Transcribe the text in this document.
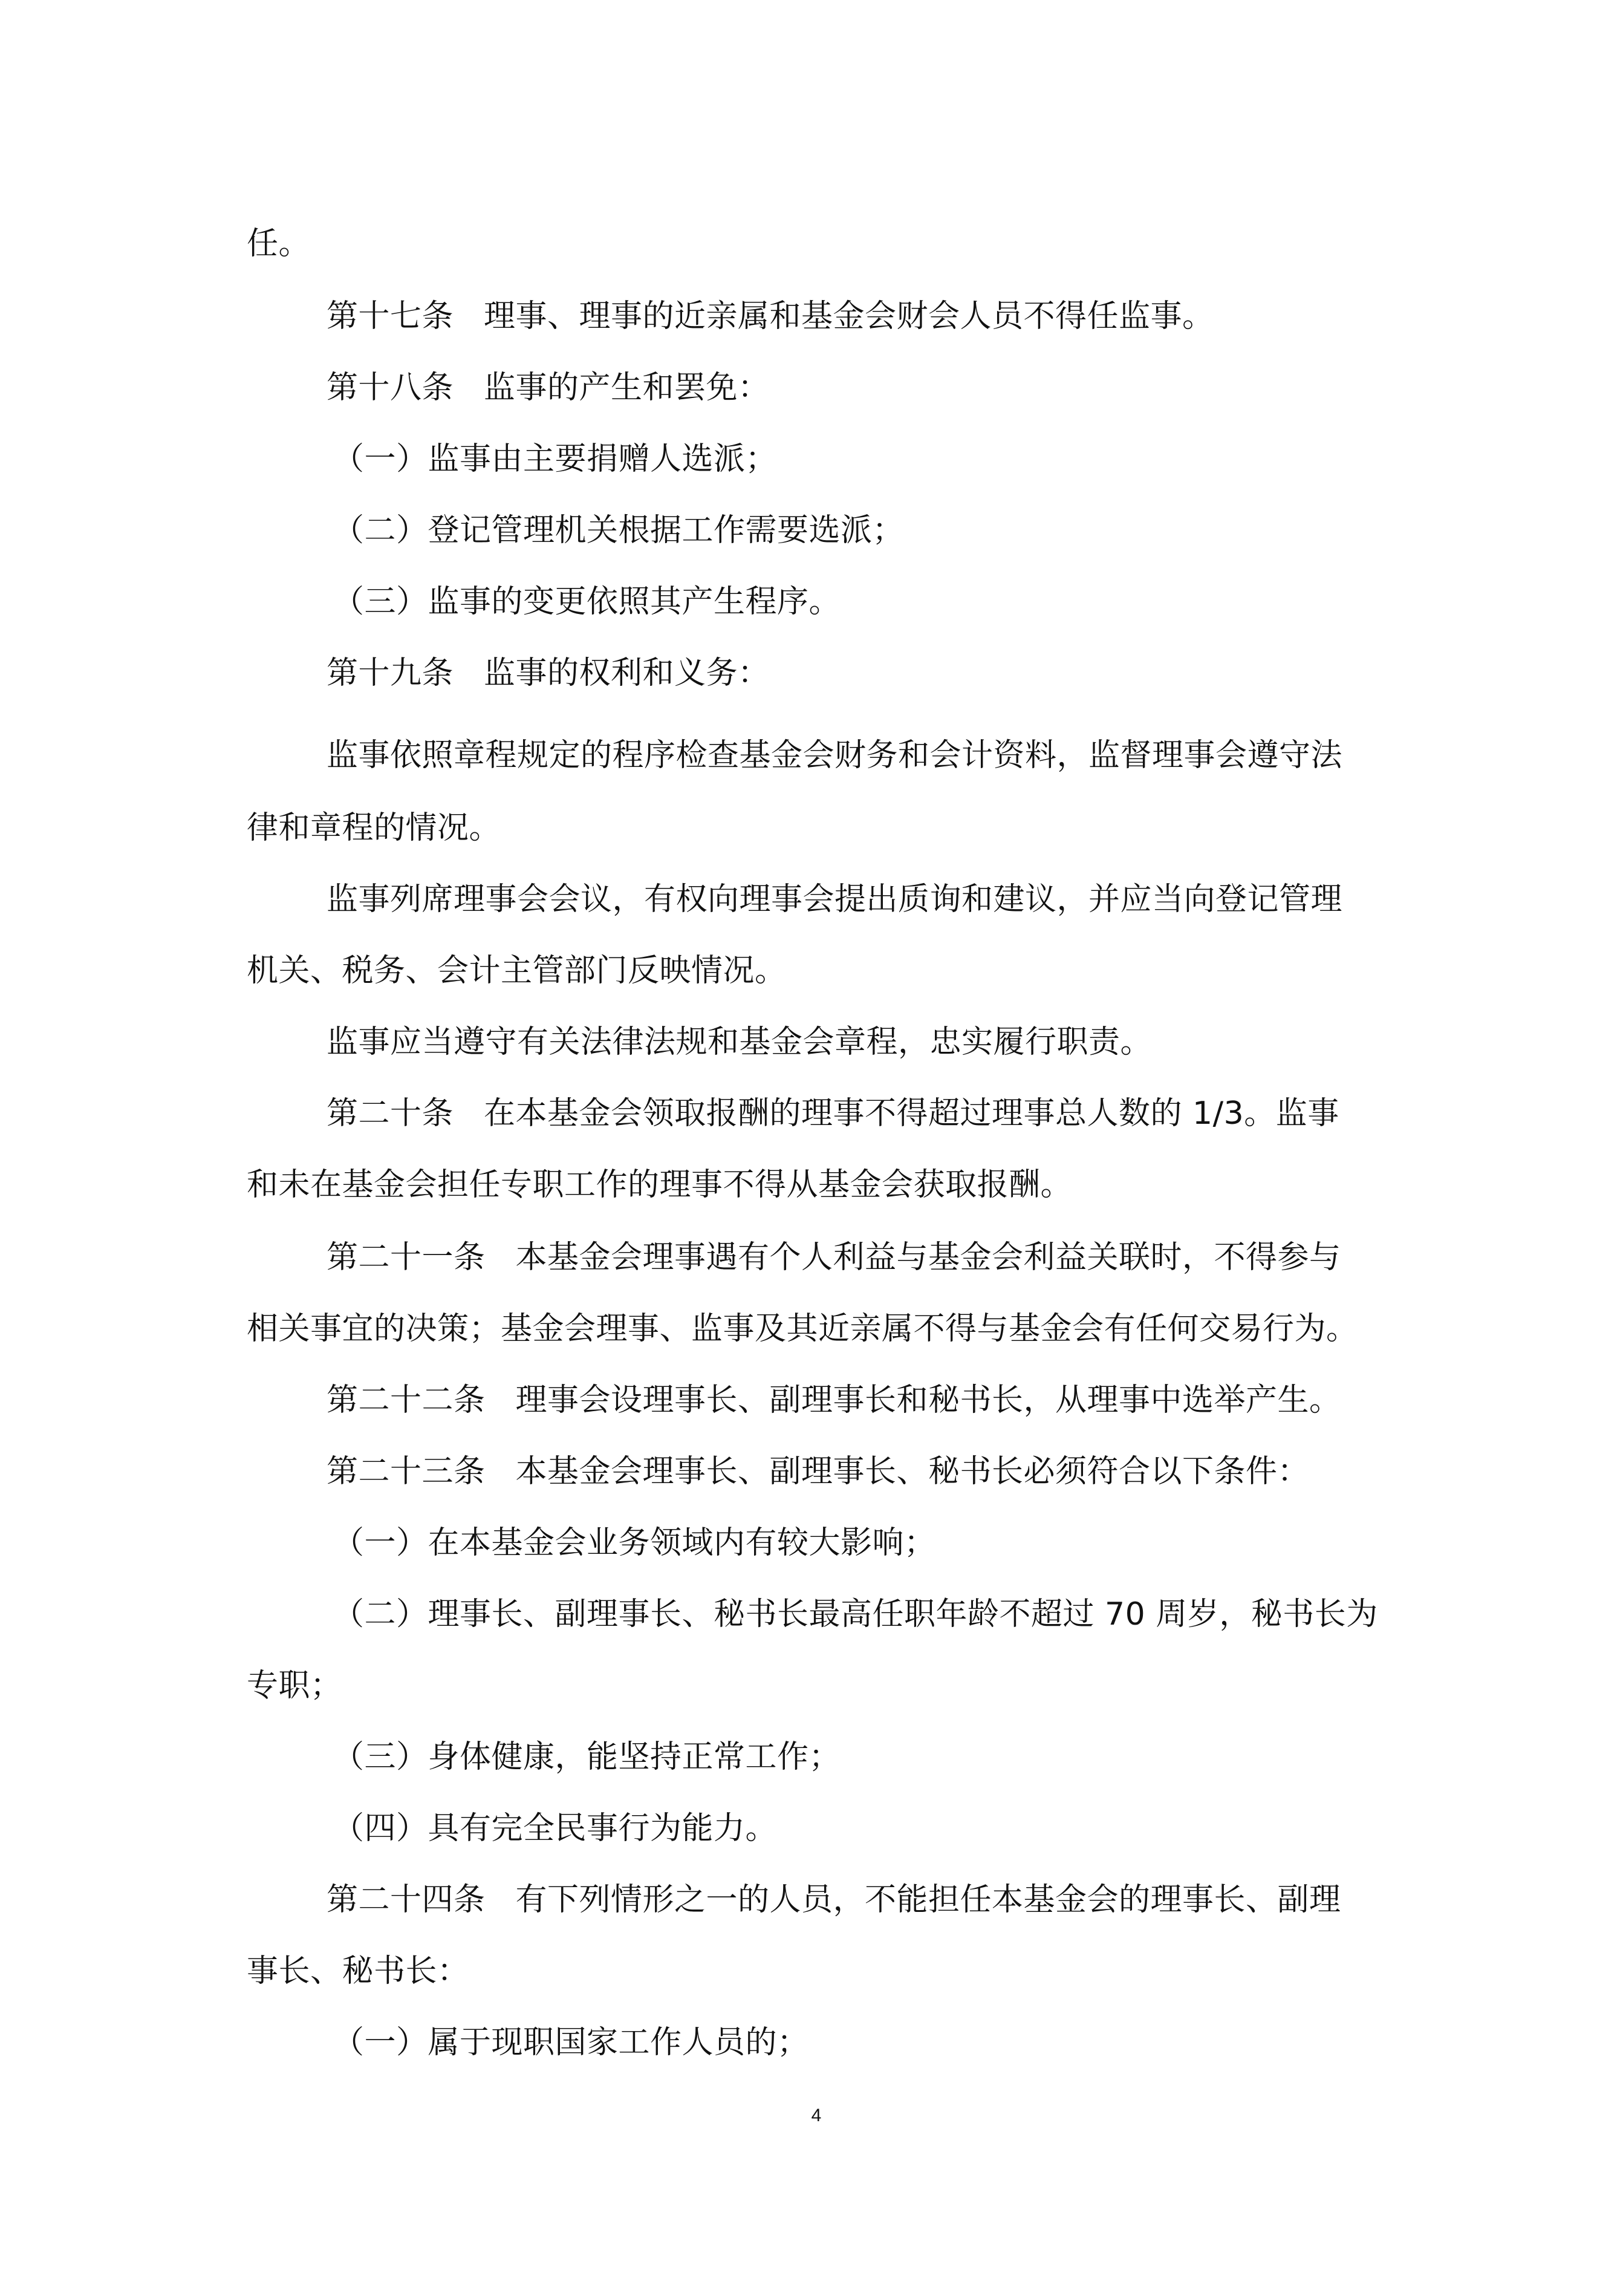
任。

第十七条 理事、理事的近亲属和基金会财会人员不得任监事。

第十八条 监事的产生和罢免：

（一）监事由主要捐赠人选派；

（二）登记管理机关根据工作需要选派；

（三）监事的变更依照其产生程序。

第十九条 监事的权利和义务：

监事依照章程规定的程序检查基金会财务和会计资料，监督理事会遵守法

律和章程的情况。

监事列席理事会会议，有权向理事会提出质询和建议，并应当向登记管理

机关、税务、会计主管部门反映情况。

监事应当遵守有关法律法规和基金会章程，忠实履行职责。

第二十条 在本基金会领取报酬的理事不得超过理事总人数的 1/3。监事

和未在基金会担任专职工作的理事不得从基金会获取报酬。

第二十一条 本基金会理事遇有个人利益与基金会利益关联时，不得参与

相关事宜的决策；基金会理事、监事及其近亲属不得与基金会有任何交易行为。

第二十二条 理事会设理事长、副理事长和秘书长，从理事中选举产生。

第二十三条 本基金会理事长、副理事长、秘书长必须符合以下条件：

（一）在本基金会业务领域内有较大影响；

（二）理事长、副理事长、秘书长最高任职年龄不超过 70 周岁，秘书长为

专职；

（三）身体健康，能坚持正常工作；

（四）具有完全民事行为能力。

第二十四条 有下列情形之一的人员，不能担任本基金会的理事长、副理

事长、秘书长：

（一）属于现职国家工作人员的；

4
